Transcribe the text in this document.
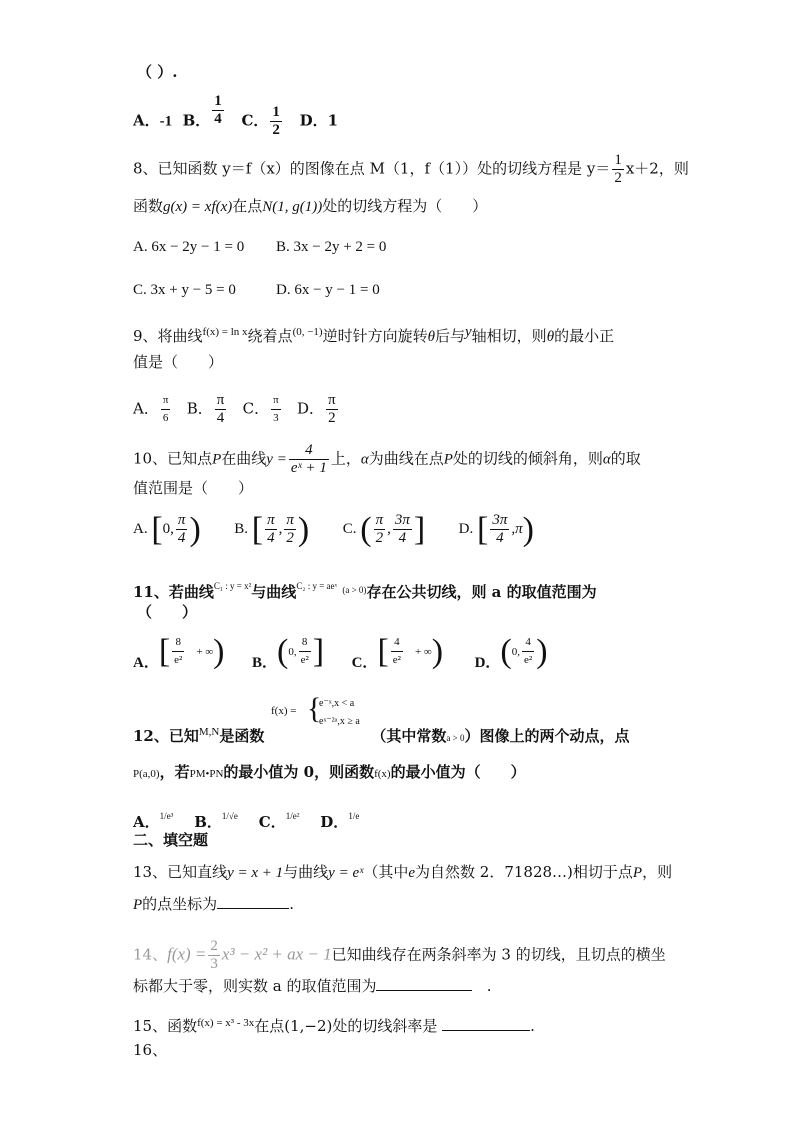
（ ）.
A．-1 B． $\frac{1}{4}$ C． $\frac{1}{2}$ D．1
8、已知函数 y＝f（x）的图像在点 M（1，f（1））处的切线方程是 $y= \frac{1}{2} x+2$，则
函数g(x) = xf(x)在点N(1, g(1))处的切线方程为（　　）
A. 6x − 2y − 1 = 0 B. 3x − 2y + 2 = 0
C. 3x + y − 5 = 0	D. 6x − y − 1 = 0
9、将曲线$^{f(x) = ln x}$绕着点$^{(0, -1)}$逆时针方向旋转θ后与y轴相切，则θ的最小正
值是（　　）
A． $\frac{\pi}{6}$ B． $\frac{\pi}{4}$ C． $\frac{\pi}{3}$ D． $\frac{\pi}{2}$
10、已知点P在曲线$y = \frac{4}{\text{eˣ + 1}}$ 上，α为曲线在点P处的切线的倾斜角，则α的取
值范围是（　　）
A. [0, $\frac{\pi}{4}$ ) B. [ $\frac{\pi}{4}$ , $\frac{\pi}{2}$ ) C. ( $\frac{\pi}{2}$ , $\frac{3\pi}{4}$ ] D. [ $\frac{3\pi}{4} ,\pi$)
11、若曲线$^{C_1 : y = x^2}$与曲线$^{C_2 : y = aeˣ}$ $^{(a > 0)}$存在公共切线，则 a 的取值范围为
（　　）
A．[ $\frac{8}{\text{e²}}$ + ∞) B．(0, $\frac{8}{\text{e²}}$ ] C．[ $\frac{4}{\text{e²}}$ + ∞) D．(0, $\frac{4}{\text{e²}}$ )
f(x) = {
e⁻ˣ,x < a
eˣ⁻²ᵃ,x ≥ a
12、已知$^{M,N}$是函数	（其中常数a > 0）图像上的两个动点，点
P(a,0)，若PM•PN的最小值为 0，则函数f(x)的最小值为（　　）
A．$^{1/e^3}$ B．$^{1/√e}$ C．$^{1/e^2}$ D．$^{1/e}$
二、填空题
13、已知直线y = x + 1与曲线y = eˣ（其中e为自然数 2．71828…)相切于点P，则
P的点坐标为	.
14、$f(x) = \frac{2}{3} x^3 - x^2$ + ax − 1已知曲线存在两条斜率为 3 的切线，且切点的横坐
标都大于零，则实数 a 的取值范围为	.
15、函数$^{f(x) = x^3 - 3x}$在点(1,−2)处的切线斜率是	.
16、
